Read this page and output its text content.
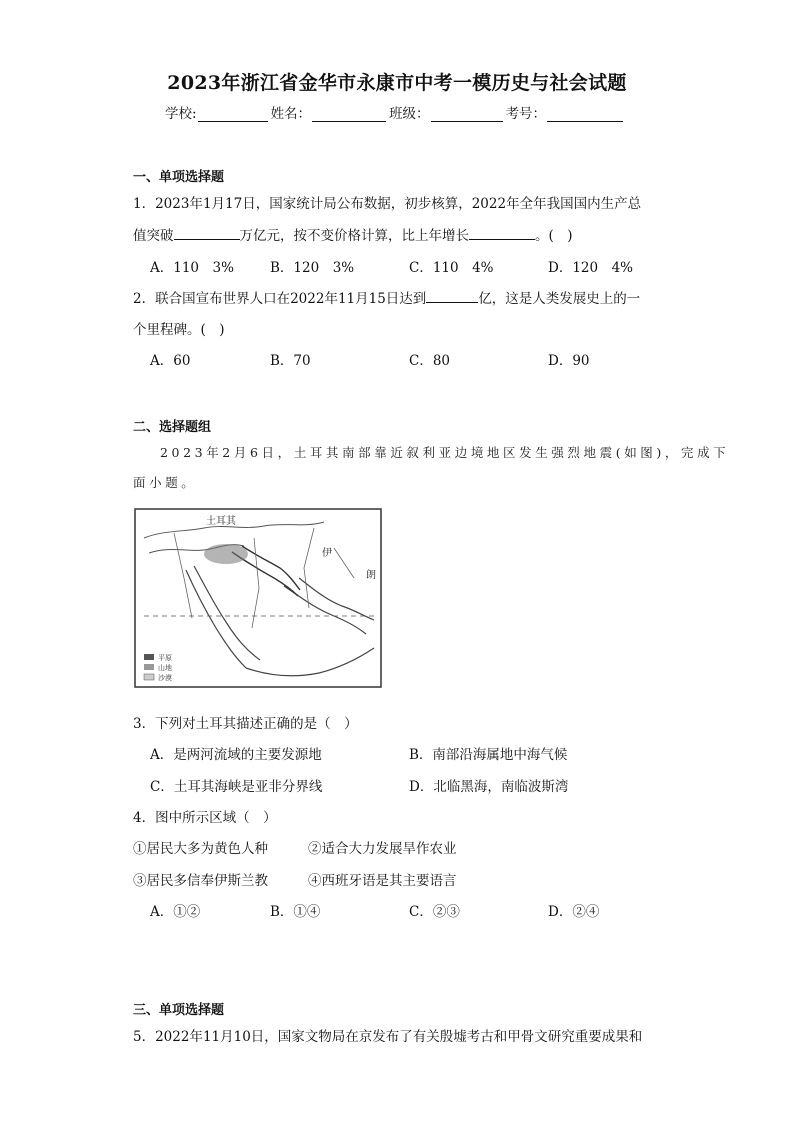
2023年浙江省金华市永康市中考一模历史与社会试题
学校:	姓名：	班级：	考号：
一、单项选择题
1．2023年1月17日，国家统计局公布数据，初步核算，2022年全年我国国内生产总
值突破	万亿元，按不变价格计算，比上年增长	。(　)
A．110　3%	B．120　3%	C．110　4%	D．120　4%
2．联合国宣布世界人口在2022年11月15日达到	亿，这是人类发展史上的一
个里程碑。(　)
A．60	B．70	C．80	D．90
二、选择题组
2023年2月6日，土耳其南部靠近叙利亚边境地区发生强烈地震(如图)，完成下
面小题。
土耳其
伊
朗
平原
山地
沙漠
3．下列对土耳其描述正确的是（　）
A．是两河流域的主要发源地	B．南部沿海属地中海气候
C．土耳其海峡是亚非分界线	D．北临黑海，南临波斯湾
4．图中所示区域（　）
①居民大多为黄色人种	②适合大力发展旱作农业
③居民多信奉伊斯兰教	④西班牙语是其主要语言
A．①②	B．①④	C．②③	D．②④
三、单项选择题
5．2022年11月10日，国家文物局在京发布了有关殷墟考古和甲骨文研究重要成果和
